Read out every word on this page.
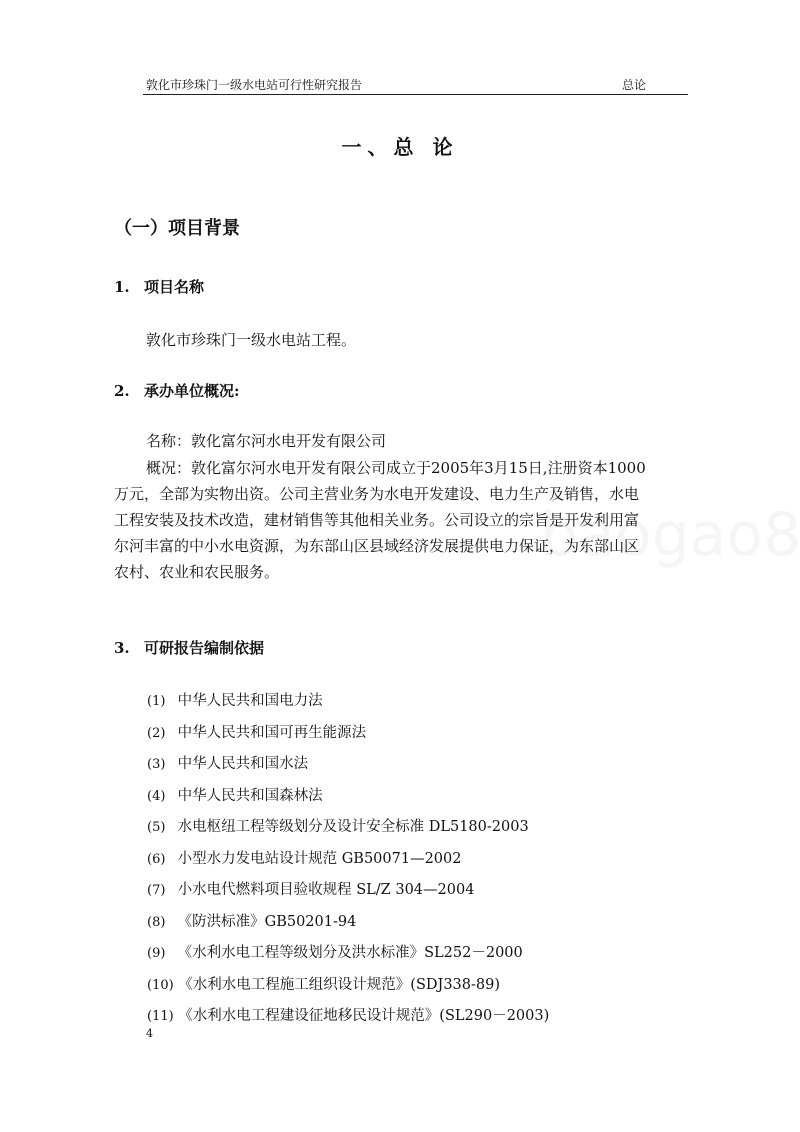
敦化市珍珠门一级水电站可行性研究报告	总论
一、总 论
（一）项目背景
1. 项目名称
敦化市珍珠门一级水电站工程。
2. 承办单位概况:
名称：敦化富尔河水电开发有限公司

概况：敦化富尔河水电开发有限公司成立于2005年3月15日,注册资本1000

万元，全部为实物出资。公司主营业务为水电开发建设、电力生产及销售，水电

工程安装及技术改造，建材销售等其他相关业务。公司设立的宗旨是开发利用富

尔河丰富的中小水电资源，为东部山区县域经济发展提供电力保证，为东部山区

农村、农业和农民服务。

3. 可研报告编制依据
(1) 中华人民共和国电力法
(2) 中华人民共和国可再生能源法
(3) 中华人民共和国水法
(4) 中华人民共和国森林法
(5) 水电枢纽工程等级划分及设计安全标准 DL5180-2003
(6) 小型水力发电站设计规范 GB50071—2002
(7) 小水电代燃料项目验收规程 SL/Z 304—2004
(8) 《防洪标准》GB50201-94
(9) 《水利水电工程等级划分及洪水标准》SL252－2000
(10) 《水利水电工程施工组织设计规范》(SDJ338-89)
(11) 《水利水电工程建设征地移民设计规范》(SL290－2003)
4
